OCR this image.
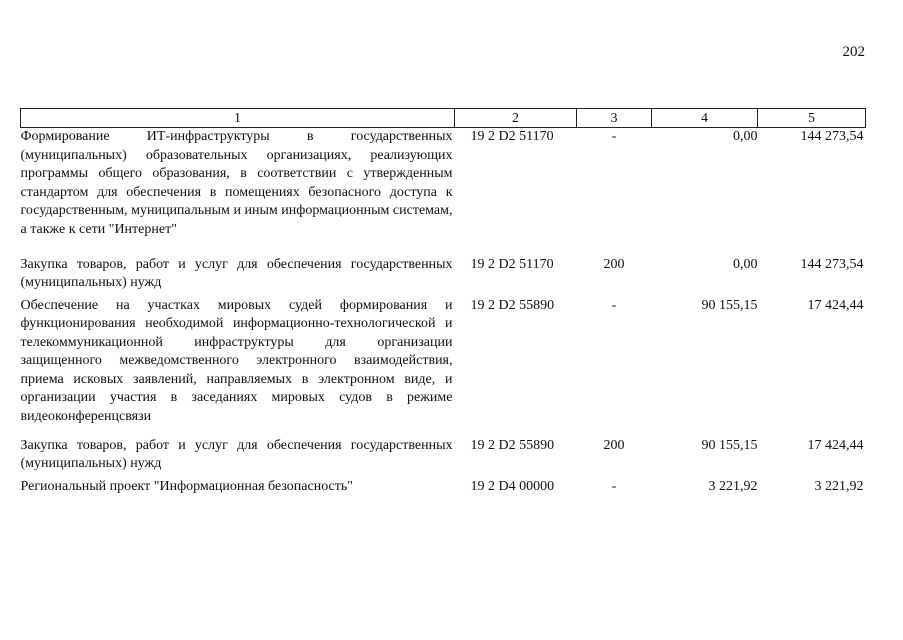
202
1	2	3	4	5
Формирование ИТ-инфраструктуры в государственных (муниципальных) образовательных организациях, реализующих программы общего образования, в соответствии с утвержденным стандартом для обеспечения в помещениях безопасного доступа к государственным, муниципальным и иным информационным системам, а также к сети "Интернет"	19 2 D2 51170	-	0,00	144 273,54
Закупка товаров, работ и услуг для обеспечения государственных (муниципальных) нужд	19 2 D2 51170	200	0,00	144 273,54
Обеспечение на участках мировых судей формирования и функционирования необходимой информационно-технологической и телекоммуникационной инфраструктуры для организации защищенного межведомственного электронного взаимодействия, приема исковых заявлений, направляемых в электронном виде, и организации участия в заседаниях мировых судов в режиме видеоконференцсвязи	19 2 D2 55890	-	90 155,15	17 424,44
Закупка товаров, работ и услуг для обеспечения государственных (муниципальных) нужд	19 2 D2 55890	200	90 155,15	17 424,44
Региональный проект "Информационная безопасность"	19 2 D4 00000	-	3 221,92	3 221,92
